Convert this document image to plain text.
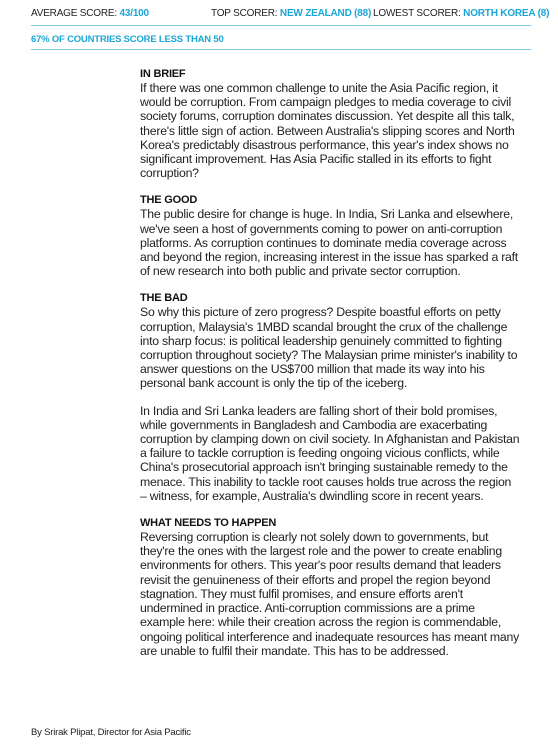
AVERAGE SCORE: 43/100	TOP SCORER: NEW ZEALAND (88) LOWEST SCORER: NORTH KOREA (8)
67% OF COUNTRIES SCORE LESS THAN 50
IN BRIEF

If there was one common challenge to unite the Asia Pacific region, it would be corruption. From campaign pledges to media coverage to civil society forums, corruption dominates discussion. Yet despite all this talk, there's little sign of action. Between Australia's slipping scores and North Korea's predictably disastrous performance, this year's index shows no significant improvement. Has Asia Pacific stalled in its efforts to fight corruption?

THE GOOD

The public desire for change is huge. In India, Sri Lanka and elsewhere, we've seen a host of governments coming to power on anti-corruption platforms. As corruption continues to dominate media coverage across and beyond the region, increasing interest in the issue has sparked a raft of new research into both public and private sector corruption.

THE BAD

So why this picture of zero progress? Despite boastful efforts on petty corruption, Malaysia's 1MBD scandal brought the crux of the challenge into sharp focus: is political leadership genuinely committed to fighting corruption throughout society? The Malaysian prime minister's inability to answer questions on the US$700 million that made its way into his personal bank account is only the tip of the iceberg.

In India and Sri Lanka leaders are falling short of their bold promises, while governments in Bangladesh and Cambodia are exacerbating corruption by clamping down on civil society. In Afghanistan and Pakistan a failure to tackle corruption is feeding ongoing vicious conflicts, while China's prosecutorial approach isn't bringing sustainable remedy to the menace. This inability to tackle root causes holds true across the region – witness, for example, Australia's dwindling score in recent years.

WHAT NEEDS TO HAPPEN

Reversing corruption is clearly not solely down to governments, but they're the ones with the largest role and the power to create enabling environments for others. This year's poor results demand that leaders revisit the genuineness of their efforts and propel the region beyond stagnation. They must fulfil promises, and ensure efforts aren't undermined in practice. Anti-corruption commissions are a prime example here: while their creation across the region is commendable, ongoing political interference and inadequate resources has meant many are unable to fulfil their mandate. This has to be addressed.

By Srirak Plipat, Director for Asia Pacific
